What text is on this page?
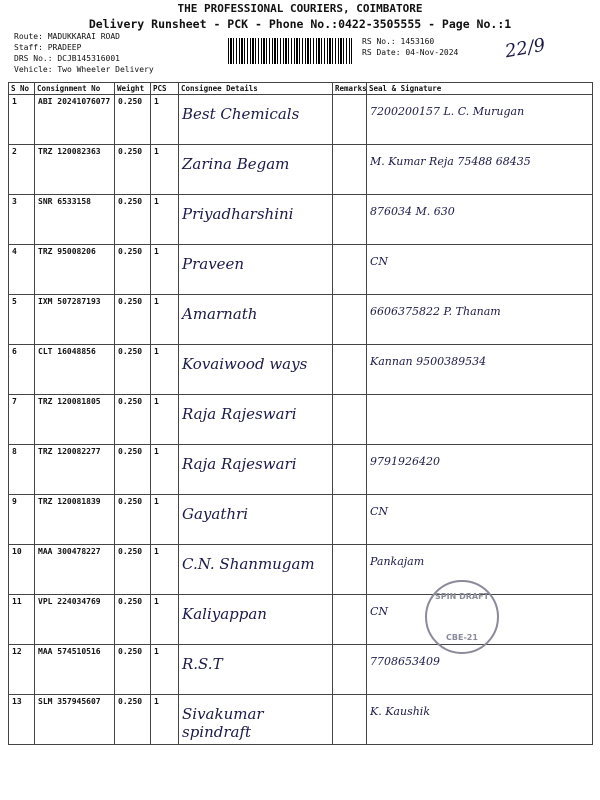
THE PROFESSIONAL COURIERS, COIMBATORE
Delivery Runsheet - PCK - Phone No.:0422-3505555 - Page No.:1
Route: MADUKKARAI ROAD
Staff: PRADEEP
DRS No.: DCJB145316001
Vehicle: Two Wheeler Delivery
RS No.: 1453160
RS Date: 04-Nov-2024	22/9
S No	Consignment No	Weight	PCS	Consignee Details	Remarks	Seal & Signature
1	ABI 20241076077	0.250	1	Best Chemicals		7200200157 L. C. Murugan
2	TRZ 120082363	0.250	1	Zarina Begam		M. Kumar Reja 75488 68435
3	SNR 6533158	0.250	1	Priyadharshini		876034 M. 630
4	TRZ 95008206	0.250	1	Praveen		CN
5	IXM 507287193	0.250	1	Amarnath		6606375822 P. Thanam
6	CLT 16048856	0.250	1	Kovaiwood ways		Kannan 9500389534
7	TRZ 120081805	0.250	1	Raja Rajeswari		
8	TRZ 120082277	0.250	1	Raja Rajeswari		9791926420
9	TRZ 120081839	0.250	1	Gayathri		CN
10	MAA 300478227	0.250	1	C.N. Shanmugam		Pankajam
11	VPL 224034769	0.250	1	Kaliyappan		CN
12	MAA 574510516	0.250	1	R.S.T		7708653409
13	SLM 357945607	0.250	1	Sivakumar spindraft		K. Kaushik
SPIN DRAFT
CBE-21
